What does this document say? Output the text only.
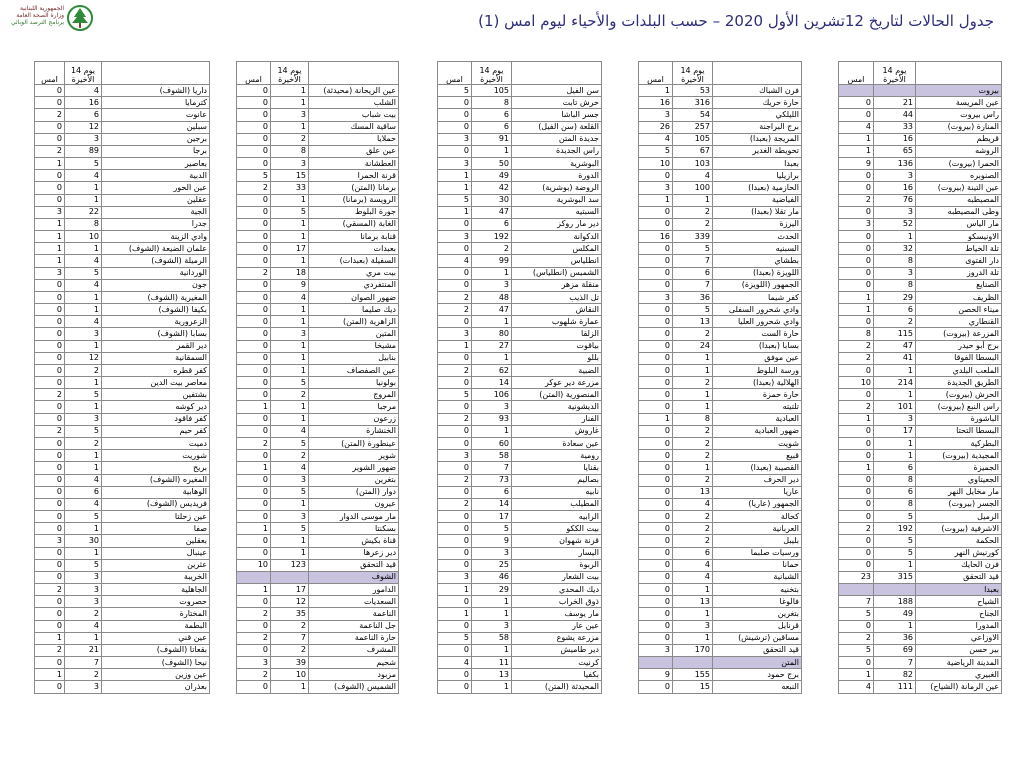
الجمهورية اللبنانية
وزارة الصحة العامة
برنامج الترصد الوبائي	جدول الحالات لتاريخ 12تشرين الأول 2020 – حسب البلدات والأحياء ليوم امس (1)
امس	14 يوم الأخيرة	
0	4	داريا (الشوف)
0	16	كترمايا
2	6	عانوت
0	12	سبلين
0	3	برجين
2	89	برجا
1	5	بعاصير
0	4	الدبية
0	1	عين الحور
0	1	عقلين
3	22	الجية
1	8	جدرا
1	10	وادي الزينة
1	1	علمان الضيعة (الشوف)
1	4	الرميلة (الشوف)
3	5	الوردانية
0	4	جون
0	1	المغيرية (الشوف)
0	1	بكيفا (الشوف)
0	4	الزعرورية
0	3	بسابا (الشوف)
0	1	دير القمر
0	12	السمقانية
0	2	كفر قطره
0	1	معاصر بيت الدين
2	5	بشتفين
0	1	دير كوشه
0	3	كفر فاقود
2	5	كفر حيم
0	2	دميت
0	1	شوريت
0	1	بريح
0	4	المغيره (الشوف)
0	6	الوهابية
0	4	فريديس (الشوف)
0	5	عين زحلتا
0	1	صفا
3	30	بعقلين
0	1	عينبال
0	5	عثرين
0	3	الخريبة
2	3	الجاهلية
0	3	حصروت
0	2	المختارة
0	4	البطمة
1	1	عين قني
2	21	بقعاتا (الشوف)
0	7	نيحا (الشوف)
1	2	عين وزين
0	3	بعذران
امس	14 يوم الأخيرة	
0	1	عين الريحانة (محيدثة)
0	1	الشلب
0	3	بيت شباب
0	1	ساقية المسك
0	2	حملايا
0	8	عين علق
0	3	العطشانة
5	15	قرنة الحمرا
2	33	برمانا (المتن)
0	1	الرويسة (برمانا)
0	5	جورة البلوط
0	1	الغابة (المسقي)
0	1	قنابة برمانا
0	17	بعبدات
0	1	السفيلة (بعبدات)
2	18	بيت مري
0	9	المنتفردي
0	4	ضهور الصوان
0	1	ديك صليما
0	1	الزاهرية (المتن)
0	3	المتين
0	1	مشيخا
0	1	بنابيل
0	1	عين الصفصاف
0	5	بولونيا
0	2	المروج
1	1	مرجبا
0	1	زرعون
0	4	الخنشارة
2	5	عينطورة (المتن)
0	2	شوير
1	4	ضهور الشوير
0	3	بتغرين
0	5	دوار (المتن)
0	1	عيرون
0	3	مار موسى الدوار
1	5	بسكنتا
0	1	قناة بكيش
0	1	دير زعرها
10	123	قيد التحقق
		الشوف
1	17	الدامور
0	12	السعديات
2	35	الناعمة
0	2	جل الناعمة
2	7	حارة الناعمة
0	2	المشرف
3	39	شحيم
2	10	مزبود
0	1	الشميس (الشوف)
امس	14 يوم الأخيرة	
5	105	سن الفيل
0	8	حرش تابت
0	6	جسر الباشا
0	6	القلعة (سن الفيل)
3	91	جديدة المتن
0	1	راس الجديدة
3	50	البوشرية
1	49	الدورة
1	42	الروضة (بوشرية)
5	30	سد البوشرية
1	47	السبتيه
0	6	دير مار روكز
3	192	الدكوانة
0	2	المكلس
4	99	انطلياس
0	1	الشميس (انطلياس)
0	3	منقلة مزهر
2	48	تل الذيب
2	47	النقاش
0	1	عمارة شلهوب
3	80	الزلقا
1	27	بياقوت
0	1	بلّلو
2	62	الضبية
0	14	مزرعة دير عوكر
5	106	المنصورية (المتن)
0	3	الديشونية
2	93	الفنار
0	1	غاروش
0	60	عين سعادة
3	58	رومية
0	7	بقنايا
2	73	بصاليم
0	6	نابيه
2	14	المطيلب
0	17	الرابيه
0	5	بيت الككو
0	9	قرنة شهوان
0	3	اليسار
0	25	الربوة
3	46	بيت الشعار
1	29	ديك المحدي
0	1	ذوق الخراب
1	1	مار يوسف
0	3	عين عار
5	58	مزرعة يشوع
0	1	دير طاميش
4	11	كرنيت
0	13	بكفيا
0	1	المحيدثة (المتن)
امس	14 يوم الأخيرة	
1	53	فرن الشباك
16	316	حارة حريك
3	54	الليلكي
26	257	برج البراجنة
4	105	المريجة (بعبدا)
5	67	تحويطة الغدير
10	103	بعبدا
0	4	برازيليا
3	100	الحازمية (بعبدا)
1	1	الفياضية
0	2	مار تقلا (بعبدا)
0	2	اليرزة
16	339	الحدث
0	5	السبنيه
0	7	بطشاي
0	6	اللويزة (بعبدا)
0	7	الجمهور (اللويزة)
3	36	كفر شيما
0	5	وادي شحرور السفلى
0	13	وادي شحرور العليا
0	2	حارة الست
0	24	بسابا (بعبدا)
0	1	عين موفق
0	1	ورسة البلوط
0	2	الهلالية (بعبدا)
0	1	حارة حمزة
0	1	تلتيته
1	8	العبادية
0	2	ضهور العبادية
0	2	شويت
0	2	قبيع
0	1	القصيبة (بعبدا)
0	2	دير الحرف
0	13	عاريا
0	4	الجمهور (عاريا)
0	2	كحالة
0	2	العربانية
0	2	بليبل
0	6	ورسيات صلبما
0	4	حمانا
0	4	الشبانية
0	1	بتخنيه
0	13	فالوغا
0	1	بتغرين
0	3	قرنايل
0	1	مساقين (ترشيش)
3	170	قيد التحقق
		المتن
9	155	برج حمود
0	15	النبعه
امس	14 يوم الأخيرة	
		بيروت
0	21	عين المريسة
0	44	راس بيروت
4	33	المنارة (بيروت)
1	16	قريطم
1	65	الروشه
9	136	الحمرا (بيروت)
0	3	الصنوبره
0	16	عين التينة (بيروت)
2	76	المصيطبه
0	3	وطى المصيطبه
3	52	مار الياس
0	1	الاونيسكو
0	32	تلة الخياط
0	8	دار الفتوى
0	3	تلة الدروز
0	8	الصنايع
1	29	الظريف
1	6	ميناء الحصن
0	2	القنطاري
8	115	المزرعة (بيروت)
2	47	برج أبو حيدر
2	41	البسطا الفوقا
0	1	الملعب البلدي
10	214	الطريق الجديدة
0	1	الحرش (بيروت)
2	101	راس النبع (بيروت)
1	3	الباشورة
0	17	البسطا التحتا
0	1	البطركية
0	1	المجيدية (بيروت)
1	6	الجميزة
0	8	الجعيتاوي
0	6	مار مخايل النهر
0	8	الجسر (بيروت)
0	5	الرميل
2	192	الاشرفية (بيروت)
0	5	الحكمة
0	5	كورنيش النهر
0	1	فرن الحايك
23	315	قيد التحقق
		بعبدا
7	188	الشياح
5	49	الجناح
0	1	المدورا
2	36	الاوزاعي
5	69	بير حسن
0	7	المدينة الرياضية
1	82	الغبيري
4	111	عين الرمانة (الشياح)
